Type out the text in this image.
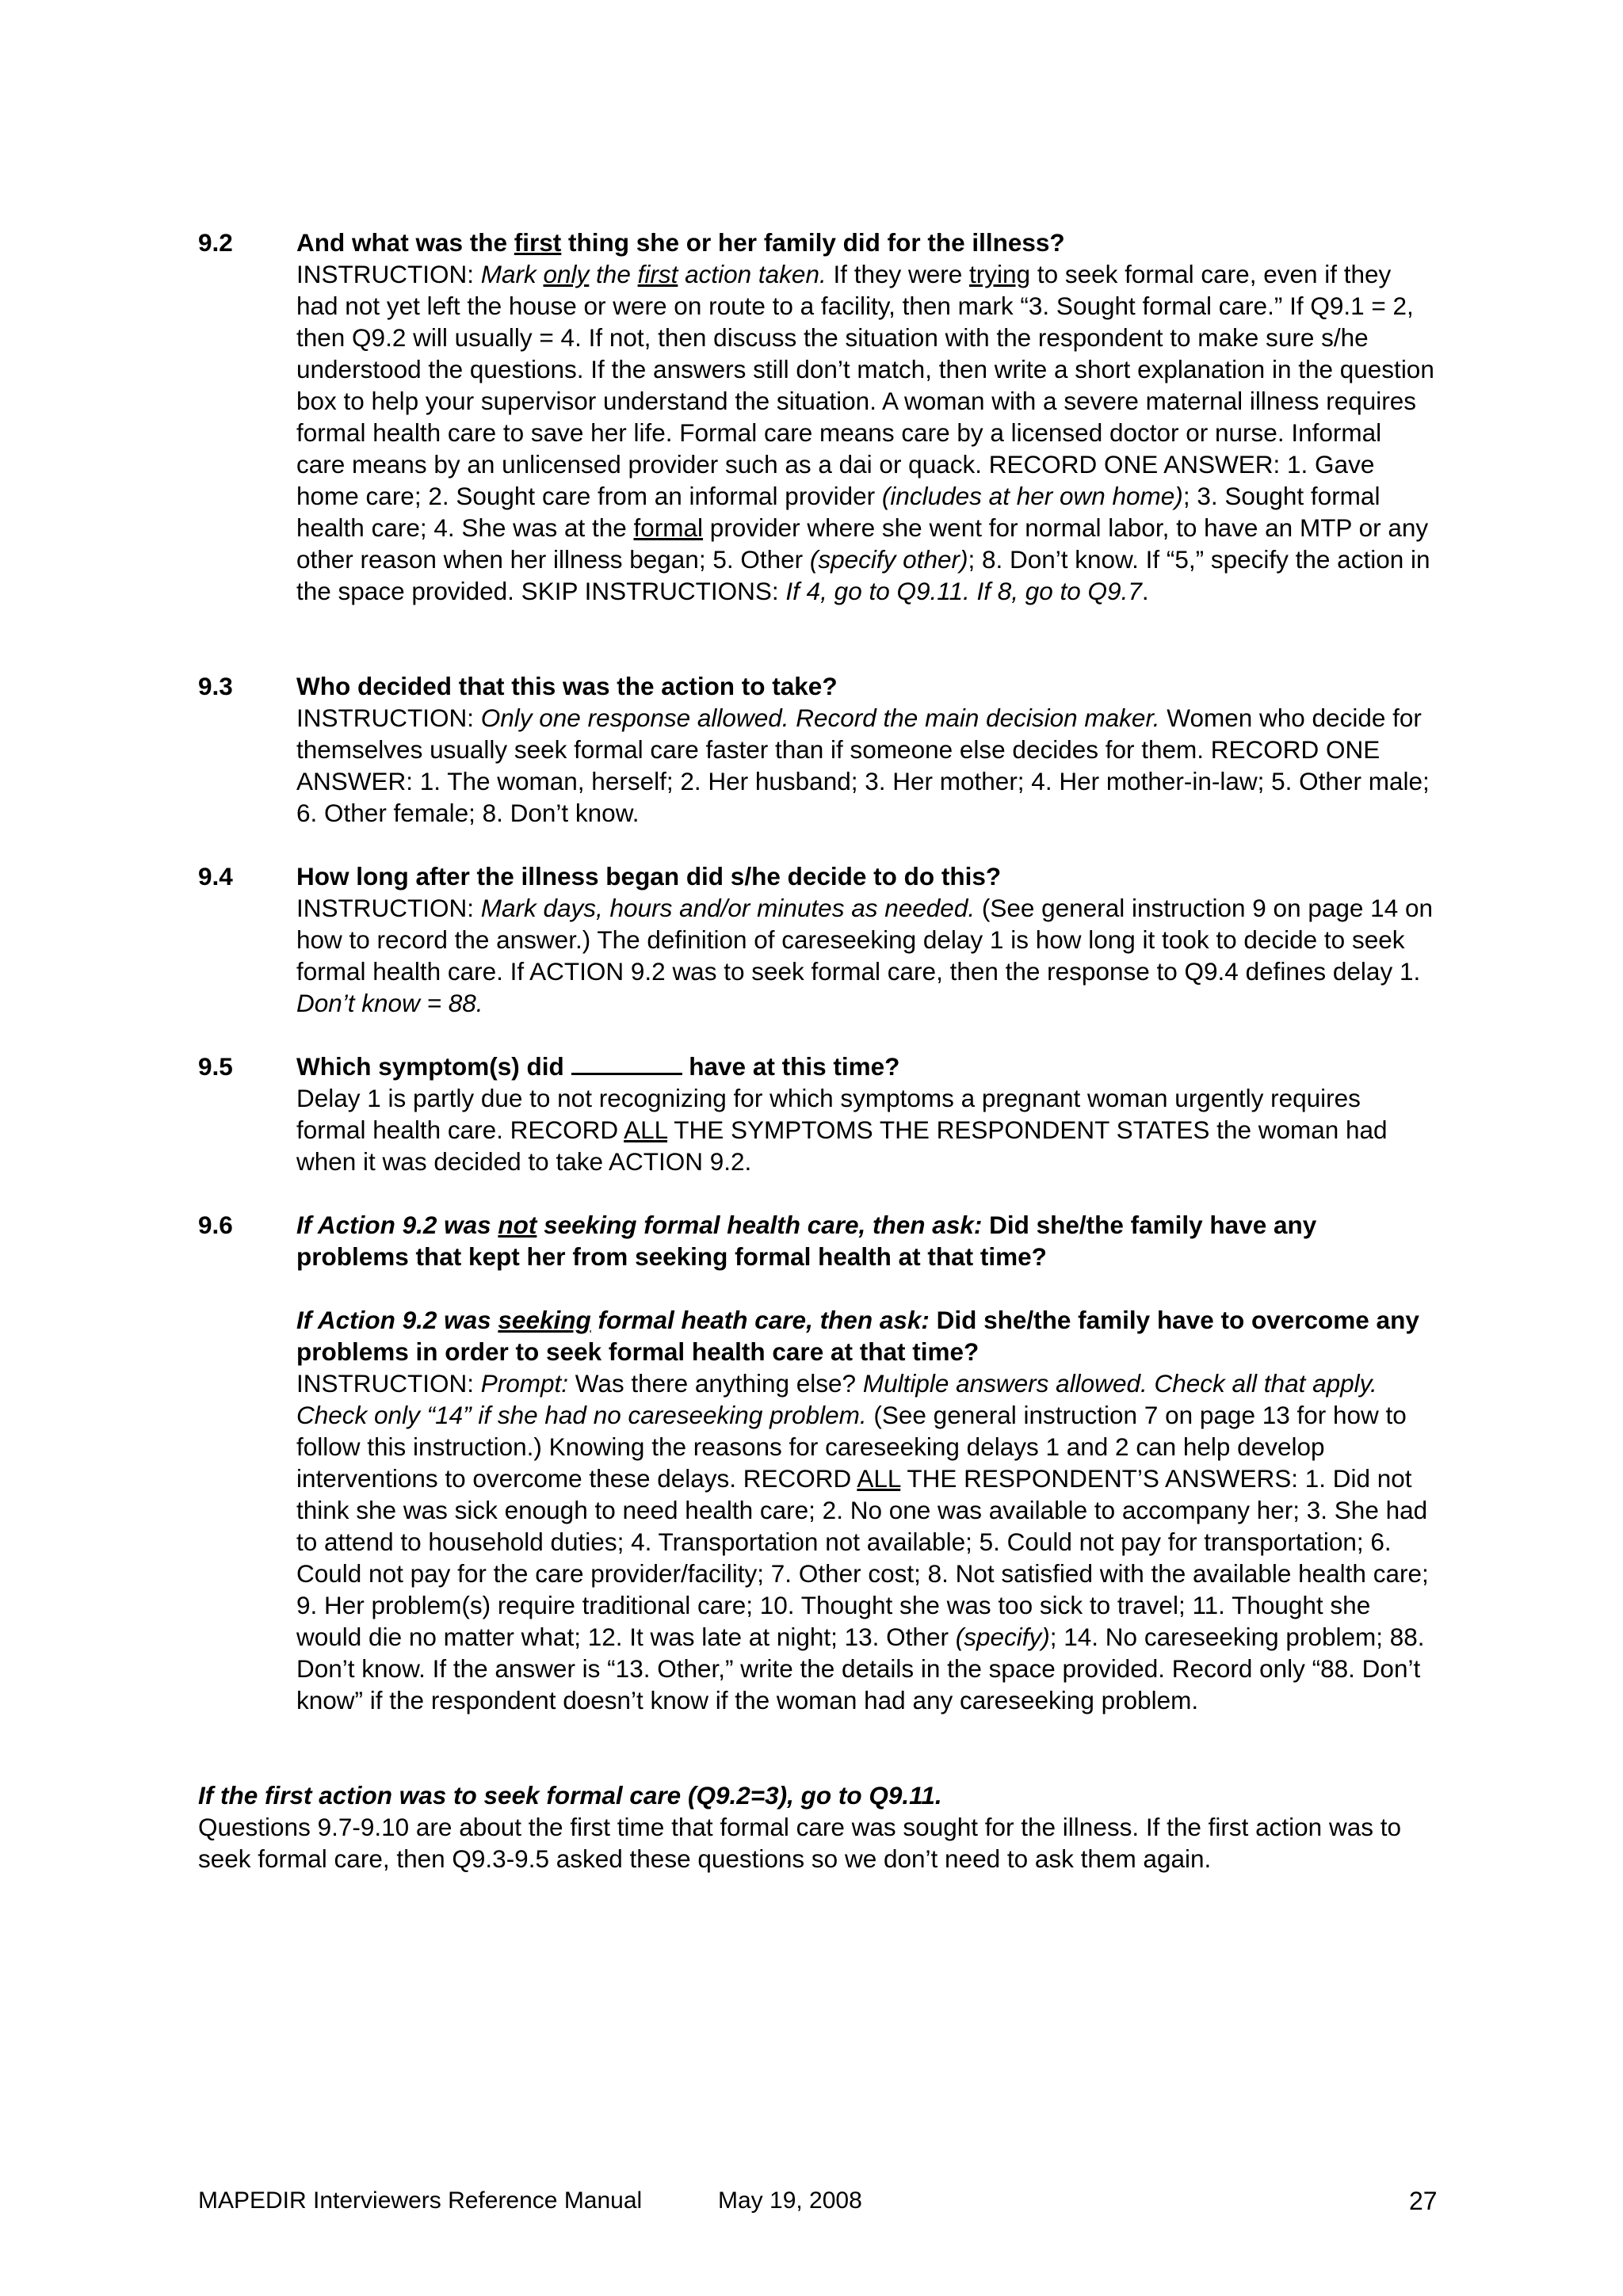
9.2	And what was the first thing she or her family did for the illness?
INSTRUCTION: Mark only the first action taken. If they were trying to seek formal care, even if they had not yet left the house or were on route to a facility, then mark “3. Sought formal care.” If Q9.1 = 2, then Q9.2 will usually = 4. If not, then discuss the situation with the respondent to make sure s/he understood the questions. If the answers still don’t match, then write a short explanation in the question box to help your supervisor understand the situation. A woman with a severe maternal illness requires formal health care to save her life. Formal care means care by a licensed doctor or nurse. Informal care means by an unlicensed provider such as a dai or quack. RECORD ONE ANSWER: 1. Gave home care; 2. Sought care from an informal provider (includes at her own home); 3. Sought formal health care; 4. She was at the formal provider where she went for normal labor, to have an MTP or any other reason when her illness began; 5. Other (specify other); 8. Don’t know. If “5,” specify the action in the space provided. SKIP INSTRUCTIONS: If 4, go to Q9.11. If 8, go to Q9.7.
9.3	Who decided that this was the action to take?
INSTRUCTION: Only one response allowed. Record the main decision maker. Women who decide for themselves usually seek formal care faster than if someone else decides for them. RECORD ONE ANSWER: 1. The woman, herself; 2. Her husband; 3. Her mother; 4. Her mother-in-law; 5. Other male; 6. Other female; 8. Don’t know.
9.4	How long after the illness began did s/he decide to do this?
INSTRUCTION: Mark days, hours and/or minutes as needed. (See general instruction 9 on page 14 on how to record the answer.) The definition of careseeking delay 1 is how long it took to decide to seek formal health care. If ACTION 9.2 was to seek formal care, then the response to Q9.4 defines delay 1. Don’t know = 88.
9.5	Which symptom(s) did	have at this time?
Delay 1 is partly due to not recognizing for which symptoms a pregnant woman urgently requires formal health care. RECORD ALL THE SYMPTOMS THE RESPONDENT STATES the woman had when it was decided to take ACTION 9.2.
9.6	If Action 9.2 was not seeking formal health care, then ask: Did she/the family have any problems that kept her from seeking formal health at that time?
If Action 9.2 was seeking formal heath care, then ask: Did she/the family have to overcome any problems in order to seek formal health care at that time?
INSTRUCTION: Prompt: Was there anything else? Multiple answers allowed. Check all that apply. Check only “14” if she had no careseeking problem. (See general instruction 7 on page 13 for how to follow this instruction.) Knowing the reasons for careseeking delays 1 and 2 can help develop interventions to overcome these delays. RECORD ALL THE RESPONDENT’S ANSWERS: 1. Did not think she was sick enough to need health care; 2. No one was available to accompany her; 3. She had to attend to household duties; 4. Transportation not available; 5. Could not pay for transportation; 6. Could not pay for the care provider/facility; 7. Other cost; 8. Not satisfied with the available health care; 9. Her problem(s) require traditional care; 10. Thought she was too sick to travel; 11. Thought she would die no matter what; 12. It was late at night; 13. Other (specify); 14. No careseeking problem; 88. Don’t know. If the answer is “13. Other,” write the details in the space provided. Record only “88. Don’t know” if the respondent doesn’t know if the woman had any careseeking problem.
If the first action was to seek formal care (Q9.2=3), go to Q9.11.
Questions 9.7-9.10 are about the first time that formal care was sought for the illness. If the first action was to seek formal care, then Q9.3-9.5 asked these questions so we don’t need to ask them again.
MAPEDIR Interviewers Reference Manual	May 19, 2008	27
